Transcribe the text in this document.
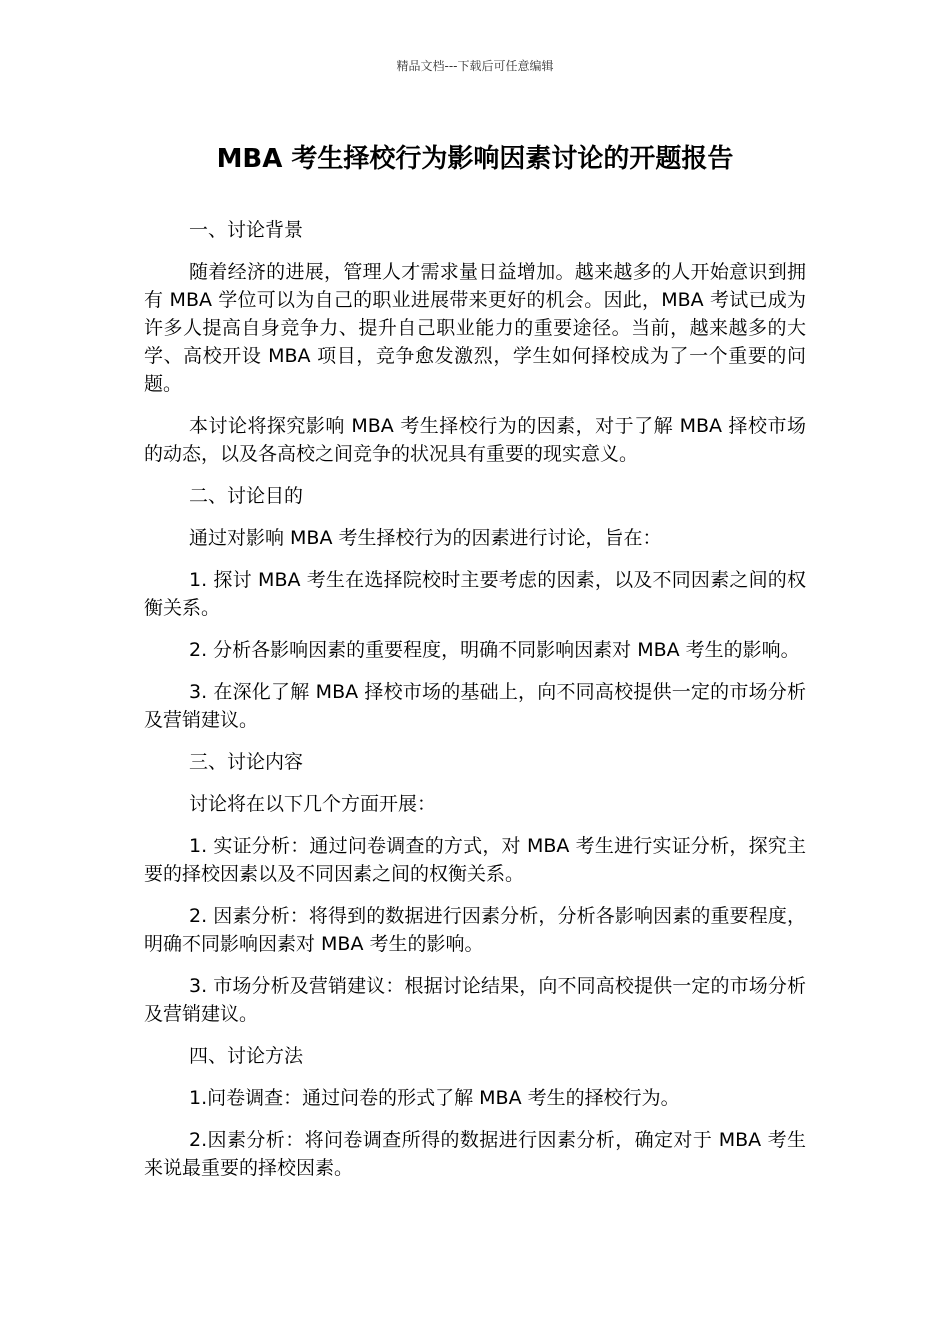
精品文档---下载后可任意编辑
MBA 考生择校行为影响因素讨论的开题报告

一、讨论背景

随着经济的进展，管理人才需求量日益增加。越来越多的人开始意识到拥有 MBA 学位可以为自己的职业进展带来更好的机会。因此，MBA 考试已成为许多人提高自身竞争力、提升自己职业能力的重要途径。当前，越来越多的大学、高校开设 MBA 项目，竞争愈发激烈，学生如何择校成为了一个重要的问题。

本讨论将探究影响 MBA 考生择校行为的因素，对于了解 MBA 择校市场的动态，以及各高校之间竞争的状况具有重要的现实意义。

二、讨论目的

通过对影响 MBA 考生择校行为的因素进行讨论，旨在：

1. 探讨 MBA 考生在选择院校时主要考虑的因素，以及不同因素之间的权衡关系。

2. 分析各影响因素的重要程度，明确不同影响因素对 MBA 考生的影响。

3. 在深化了解 MBA 择校市场的基础上，向不同高校提供一定的市场分析及营销建议。

三、讨论内容

讨论将在以下几个方面开展：

1. 实证分析：通过问卷调查的方式，对 MBA 考生进行实证分析，探究主要的择校因素以及不同因素之间的权衡关系。

2. 因素分析：将得到的数据进行因素分析，分析各影响因素的重要程度，明确不同影响因素对 MBA 考生的影响。

3. 市场分析及营销建议：根据讨论结果，向不同高校提供一定的市场分析及营销建议。

四、讨论方法

1.问卷调查：通过问卷的形式了解 MBA 考生的择校行为。

2.因素分析：将问卷调查所得的数据进行因素分析，确定对于 MBA 考生来说最重要的择校因素。
